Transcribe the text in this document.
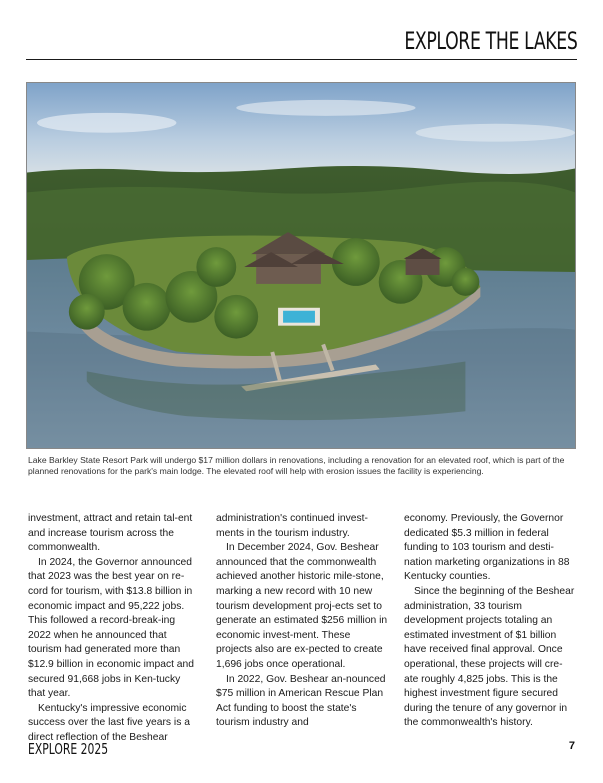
EXPLORE THE LAKES
Lake Barkley State Resort Park will undergo $17 million dollars in renovations, including a renovation for an elevated roof, which is part of the planned renovations for the park's main lodge. The elevated roof will help with erosion issues the facility is experiencing.

investment, attract and retain tal-ent and increase tourism across the commonwealth.

In 2024, the Governor announced that 2023 was the best year on re-cord for tourism, with $13.8 billion in economic impact and 95,222 jobs. This followed a record-break-ing 2022 when he announced that tourism had generated more than $12.9 billion in economic impact and secured 91,668 jobs in Ken-tucky that year.

Kentucky's impressive economic success over the last five years is a direct reflection of the Beshear

administration's continued invest-ments in the tourism industry.

In December 2024, Gov. Beshear announced that the commonwealth achieved another historic mile-stone, marking a new record with 10 new tourism development proj-ects set to generate an estimated $256 million in economic invest-ment. These projects also are ex-pected to create 1,696 jobs once operational.

In 2022, Gov. Beshear an-nounced $75 million in American Rescue Plan Act funding to boost the state's tourism industry and

economy. Previously, the Governor dedicated $5.3 million in federal funding to 103 tourism and desti-nation marketing organizations in 88 Kentucky counties.

Since the beginning of the Beshear administration, 33 tourism development projects totaling an estimated investment of $1 billion have received final approval. Once operational, these projects will cre-ate roughly 4,825 jobs. This is the highest investment figure secured during the tenure of any governor in the commonwealth's history.

EXPLORE 2025	7
